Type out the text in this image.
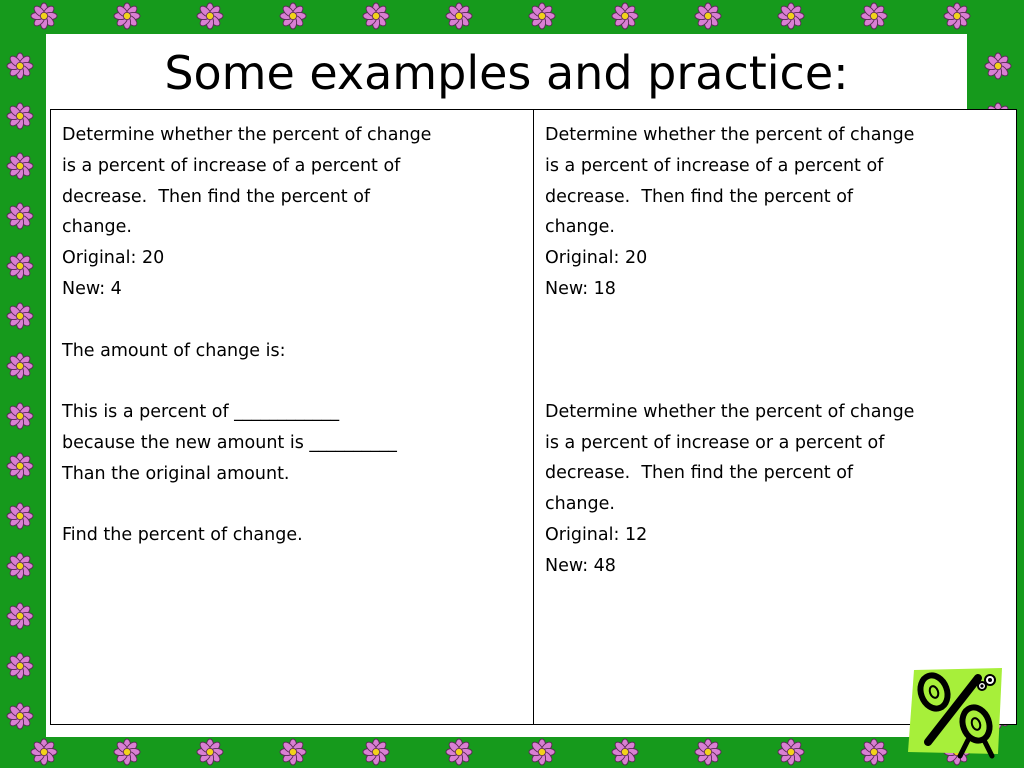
Some examples and practice:
Determine whether the percent of change
is a percent of increase of a percent of
decrease.  Then find the percent of
change.
Original: 20
New: 4
The amount of change is:
This is a percent of ____________
because the new amount is __________
Than the original amount.
Find the percent of change.

Determine whether the percent of change
is a percent of increase of a percent of
decrease.  Then find the percent of
change.
Original: 20
New: 18
Determine whether the percent of change
is a percent of increase or a percent of
decrease.  Then find the percent of
change.
Original: 12
New: 48
